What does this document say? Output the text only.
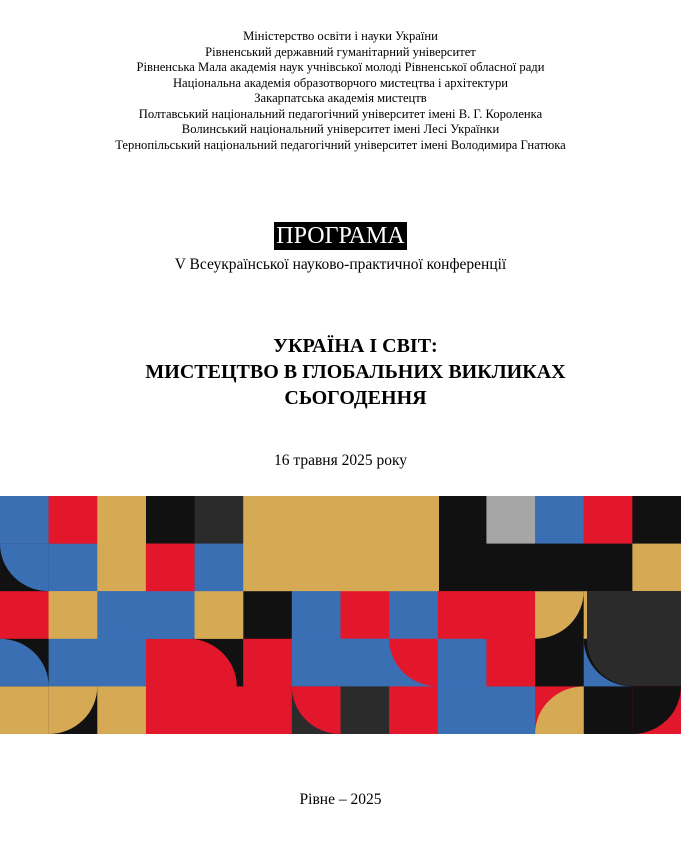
Міністерство освіти і науки України
Рівненський державний гуманітарний університет
Рівненська Мала академія наук учнівської молоді Рівненської обласної ради
Національна академія образотворчого мистецтва і архітектури
Закарпатська академія мистецтв
Полтавський національний педагогічний університет імені В. Г. Короленка
Волинський національний університет імені Лесі Українки
Тернопільський національний педагогічний університет імені Володимира Гнатюка
ПРОГРАМА
V Всеукраїнської науково-практичної конференції
УКРАЇНА І СВІТ:
МИСТЕЦТВО В ГЛОБАЛЬНИХ ВИКЛИКАХ
СЬОГОДЕННЯ
16 травня 2025 року
Рівне – 2025
